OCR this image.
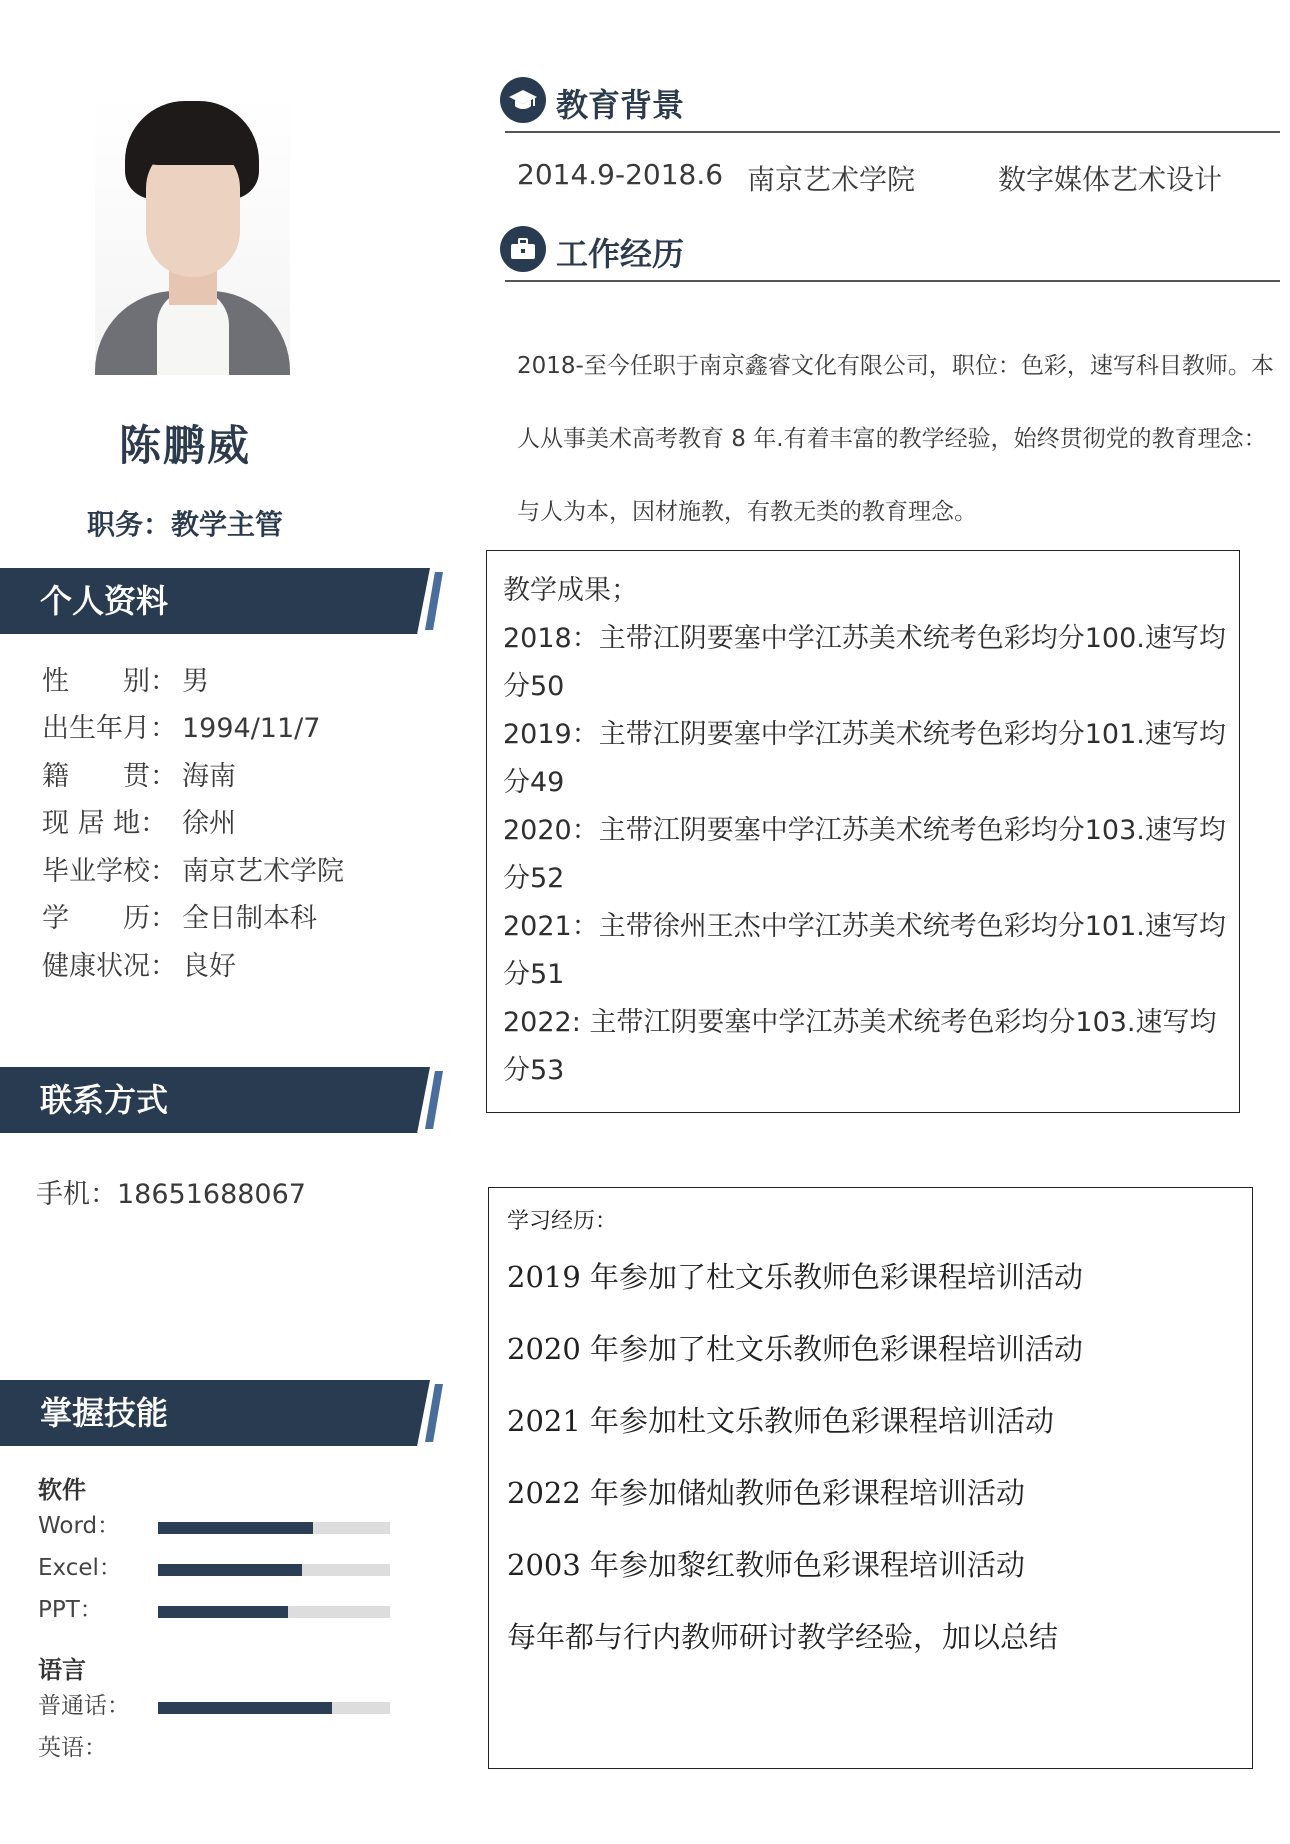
陈鹏威
职务：教学主管
个人资料
性　　别： 男
出生年月： 1994/11/7
籍　　贯： 海南
现 居 地： 徐州
毕业学校： 南京艺术学院
学　　历： 全日制本科
健康状况： 良好
联系方式
手机：18651688067
掌握技能
软件
Word：
Excel：
PPT：
语言
普通话：
英语：
教育背景
2014.9-2018.6 南京艺术学院	数字媒体艺术设计
工作经历
2018-至今任职于南京鑫睿文化有限公司，职位：色彩，速写科目教师。本
人从事美术高考教育 8 年.有着丰富的教学经验，始终贯彻党的教育理念：
与人为本，因材施教，有教无类的教育理念。
教学成果；
2018：主带江阴要塞中学江苏美术统考色彩均分100.速写均
分50
2019：主带江阴要塞中学江苏美术统考色彩均分101.速写均
分49
2020：主带江阴要塞中学江苏美术统考色彩均分103.速写均
分52
2021：主带徐州王杰中学江苏美术统考色彩均分101.速写均
分51
2022: 主带江阴要塞中学江苏美术统考色彩均分103.速写均
分53
学习经历：
2019 年参加了杜文乐教师色彩课程培训活动
2020 年参加了杜文乐教师色彩课程培训活动
2021 年参加杜文乐教师色彩课程培训活动
2022 年参加储灿教师色彩课程培训活动
2003 年参加黎红教师色彩课程培训活动
每年都与行内教师研讨教学经验，加以总结
